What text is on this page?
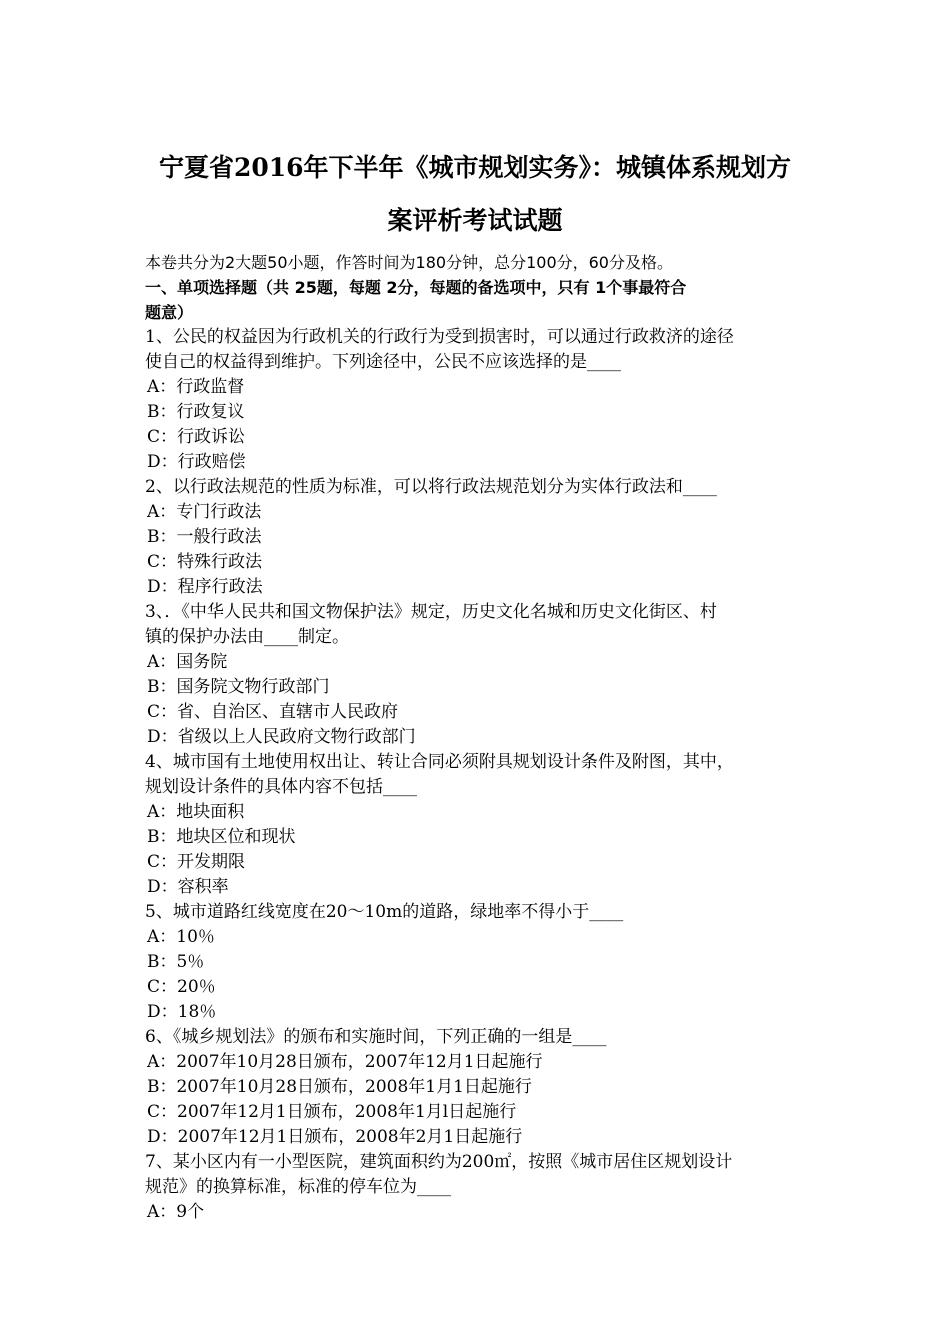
宁夏省2016年下半年《城市规划实务》：城镇体系规划方
案评析考试试题
本卷共分为2大题50小题，作答时间为180分钟，总分100分，60分及格。
一、单项选择题（共 25题，每题 2分，每题的备选项中，只有 1个事最符合
题意）
1、公民的权益因为行政机关的行政行为受到损害时，可以通过行政救济的途径
使自己的权益得到维护。下列途径中，公民不应该选择的是____
A：行政监督
B：行政复议
C：行政诉讼
D：行政赔偿
2、以行政法规范的性质为标准，可以将行政法规范划分为实体行政法和____
A：专门行政法
B：一般行政法
C：特殊行政法
D：程序行政法
3、．《中华人民共和国文物保护法》规定，历史文化名城和历史文化街区、村
镇的保护办法由____制定。
A：国务院
B：国务院文物行政部门
C：省、自治区、直辖市人民政府
D：省级以上人民政府文物行政部门
4、城市国有土地使用权出让、转让合同必须附具规划设计条件及附图，其中，
规划设计条件的具体内容不包括____
A：地块面积
B：地块区位和现状
C：开发期限
D：容积率
5、城市道路红线宽度在20～10m的道路，绿地率不得小于____
A：10％
B：5％
C：20％
D：18％
6、《城乡规划法》的颁布和实施时间，下列正确的一组是____
A：2007年10月28日颁布，2007年12月1日起施行
B：2007年10月28日颁布，2008年1月1日起施行
C：2007年12月1日颁布，2008年1月l日起施行
D：2007年12月1日颁布，2008年2月1日起施行
7、某小区内有一小型医院，建筑面积约为200㎡，按照《城市居住区规划设计
规范》的换算标准，标准的停车位为____
A：9个
